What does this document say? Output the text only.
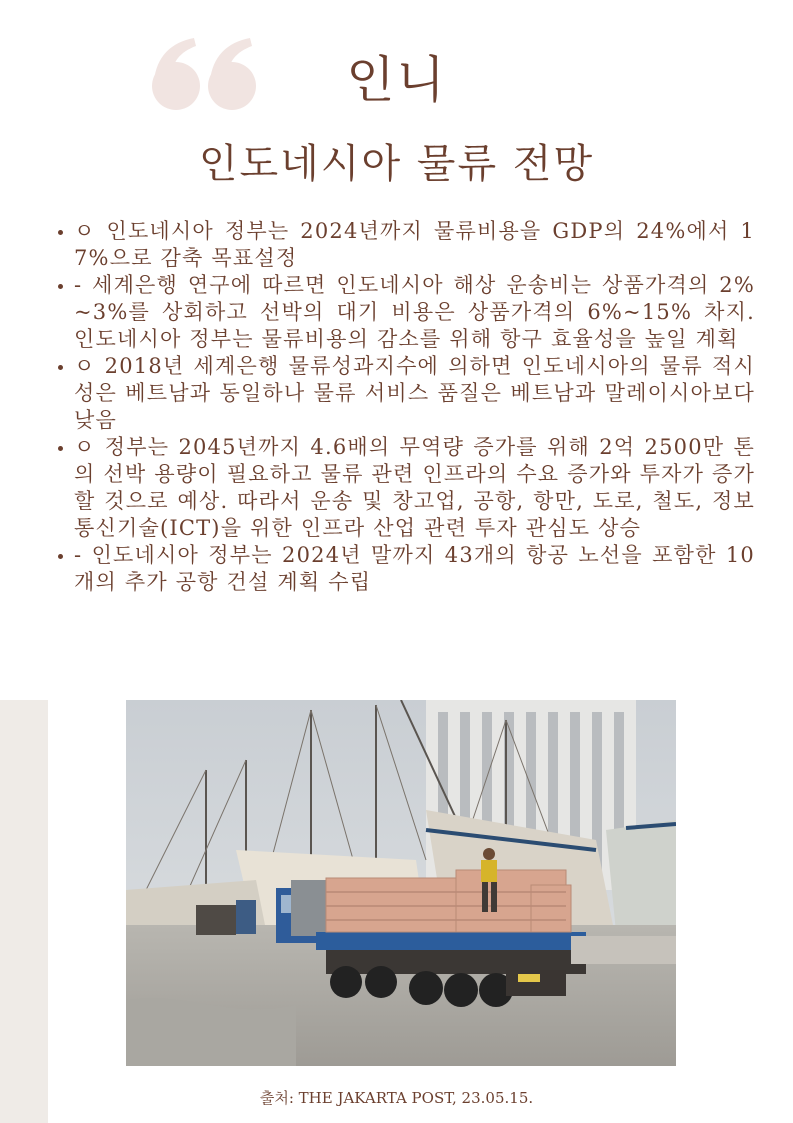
인니
인도네시아 물류 전망
ㅇ 인도네시아 정부는 2024년까지 물류비용을 GDP의 24%에서 17%으로 감축 목표설정
- 세계은행 연구에 따르면 인도네시아 해상 운송비는 상품가격의 2%~3%를 상회하고 선박의 대기 비용은 상품가격의 6%~15% 차지. 인도네시아 정부는 물류비용의 감소를 위해 항구 효율성을 높일 계획
ㅇ 2018년 세계은행 물류성과지수에 의하면 인도네시아의 물류 적시성은 베트남과 동일하나 물류 서비스 품질은 베트남과 말레이시아보다 낮음
ㅇ 정부는 2045년까지 4.6배의 무역량 증가를 위해 2억 2500만 톤의 선박 용량이 필요하고 물류 관련 인프라의 수요 증가와 투자가 증가할 것으로 예상. 따라서 운송 및 창고업, 공항, 항만, 도로, 철도, 정보통신기술(ICT)을 위한 인프라 산업 관련 투자 관심도 상승
- 인도네시아 정부는 2024년 말까지 43개의 항공 노선을 포함한 10개의 추가 공항 건설 계획 수립
출처: THE JAKARTA POST, 23.05.15.
